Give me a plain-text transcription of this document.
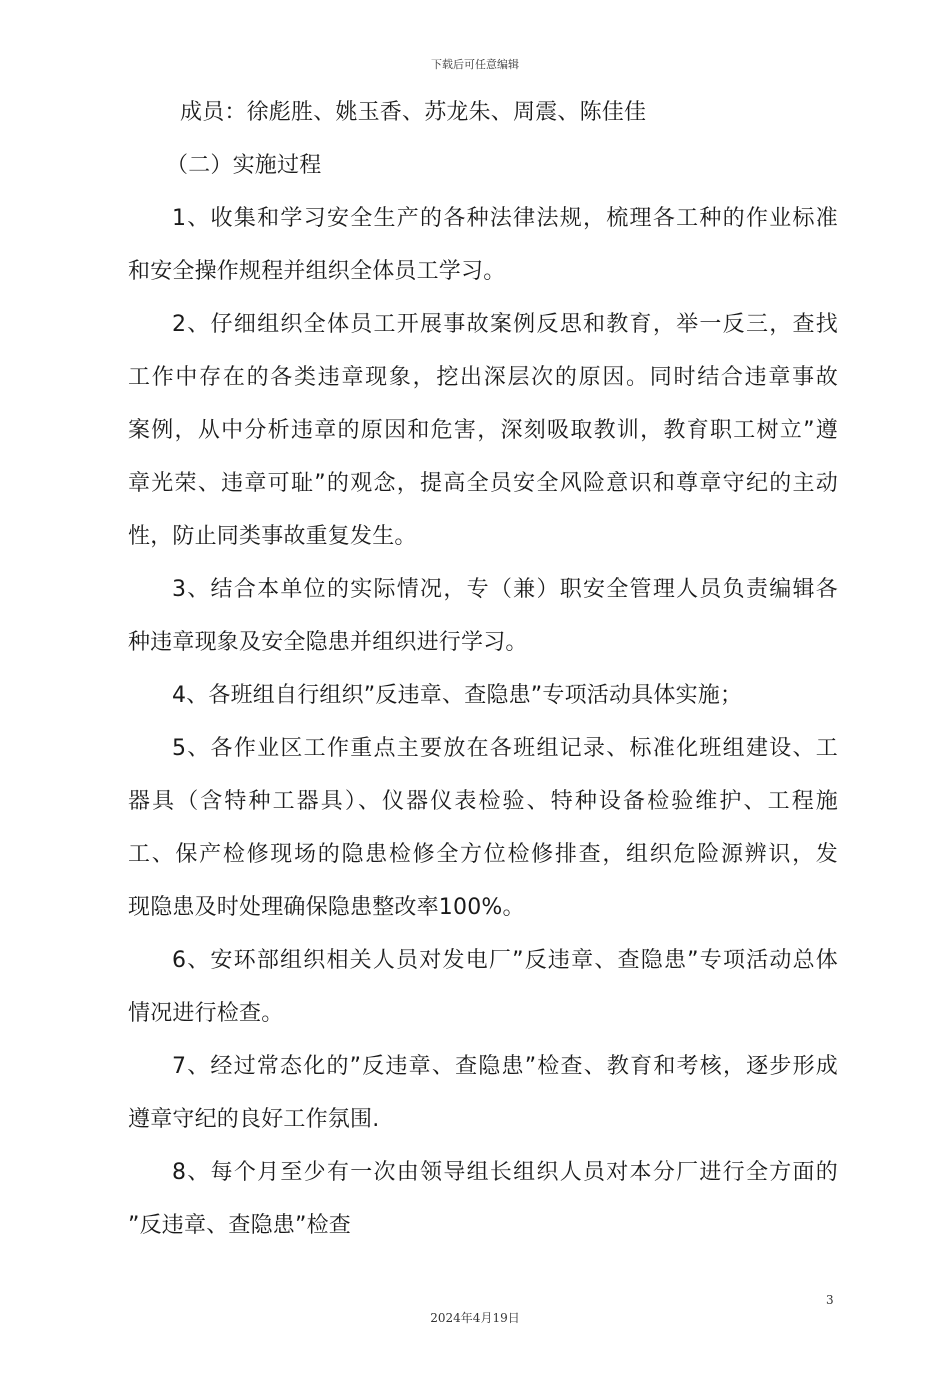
下载后可任意编辑
成员：徐彪胜、姚玉香、苏龙朱、周震、陈佳佳
（二）实施过程
1、收集和学习安全生产的各种法律法规，梳理各工种的作业标准
和安全操作规程并组织全体员工学习。
2、仔细组织全体员工开展事故案例反思和教育，举一反三，查找
工作中存在的各类违章现象，挖出深层次的原因。同时结合违章事故
案例，从中分析违章的原因和危害，深刻吸取教训，教育职工树立”遵
章光荣、违章可耻”的观念，提高全员安全风险意识和尊章守纪的主动
性，防止同类事故重复发生。
3、结合本单位的实际情况，专（兼）职安全管理人员负责编辑各
种违章现象及安全隐患并组织进行学习。
4、各班组自行组织”反违章、查隐患”专项活动具体实施；
5、各作业区工作重点主要放在各班组记录、标准化班组建设、工
器具（含特种工器具）、仪器仪表检验、特种设备检验维护、工程施
工、保产检修现场的隐患检修全方位检修排查，组织危险源辨识，发
现隐患及时处理确保隐患整改率100%。
6、安环部组织相关人员对发电厂”反违章、查隐患”专项活动总体
情况进行检查。
7、经过常态化的”反违章、查隐患”检查、教育和考核，逐步形成
遵章守纪的良好工作氛围.
8、每个月至少有一次由领导组长组织人员对本分厂进行全方面的
”反违章、查隐患”检查
3
2024年4月19日
